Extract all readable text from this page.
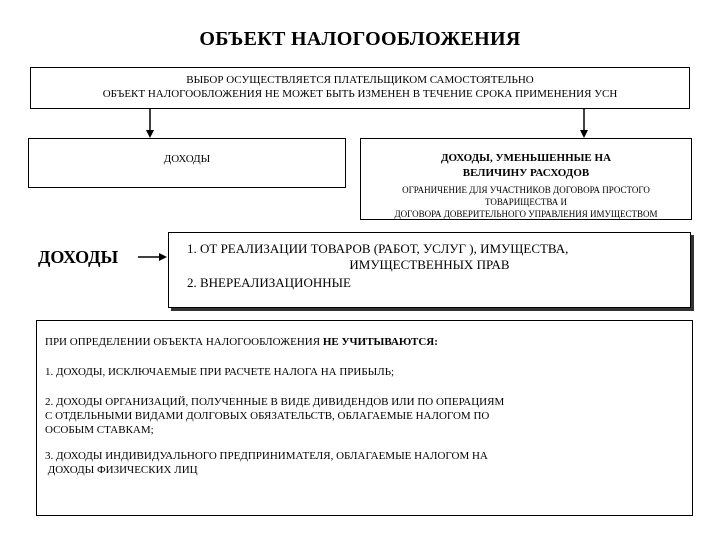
ОБЪЕКТ НАЛОГООБЛОЖЕНИЯ
ВЫБОР ОСУЩЕСТВЛЯЕТСЯ ПЛАТЕЛЬЩИКОМ САМОСТОЯТЕЛЬНО
ОБЪЕКТ НАЛОГООБЛОЖЕНИЯ НЕ МОЖЕТ БЫТЬ ИЗМЕНЕН В ТЕЧЕНИЕ СРОКА ПРИМЕНЕНИЯ УСН
ДОХОДЫ	ДОХОДЫ, УМЕНЬШЕННЫЕ НА
ВЕЛИЧИНУ РАСХОДОВ
ОГРАНИЧЕНИЕ ДЛЯ УЧАСТНИКОВ ДОГОВОРА ПРОСТОГО
ТОВАРИЩЕСТВА И
ДОГОВОРА ДОВЕРИТЕЛЬНОГО УПРАВЛЕНИЯ ИМУЩЕСТВОМ
ДОХОДЫ	1. ОТ РЕАЛИЗАЦИИ ТОВАРОВ (РАБОТ, УСЛУГ ), ИМУЩЕСТВА,
ИМУЩЕСТВЕННЫХ ПРАВ
2. ВНЕРЕАЛИЗАЦИОННЫЕ

ПРИ ОПРЕДЕЛЕНИИ ОБЪЕКТА НАЛОГООБЛОЖЕНИЯ НЕ УЧИТЫВАЮТСЯ:

1. ДОХОДЫ, ИСКЛЮЧАЕМЫЕ ПРИ РАСЧЕТЕ НАЛОГА НА ПРИБЫЛЬ;

2. ДОХОДЫ ОРГАНИЗАЦИЙ, ПОЛУЧЕННЫЕ В ВИДЕ ДИВИДЕНДОВ ИЛИ ПО ОПЕРАЦИЯМ

С ОТДЕЛЬНЫМИ ВИДАМИ ДОЛГОВЫХ ОБЯЗАТЕЛЬСТВ, ОБЛАГАЕМЫЕ НАЛОГОМ ПО

ОСОБЫМ СТАВКАМ;

3. ДОХОДЫ ИНДИВИДУАЛЬНОГО ПРЕДПРИНИМАТЕЛЯ, ОБЛАГАЕМЫЕ НАЛОГОМ НА

ДОХОДЫ ФИЗИЧЕСКИХ ЛИЦ
